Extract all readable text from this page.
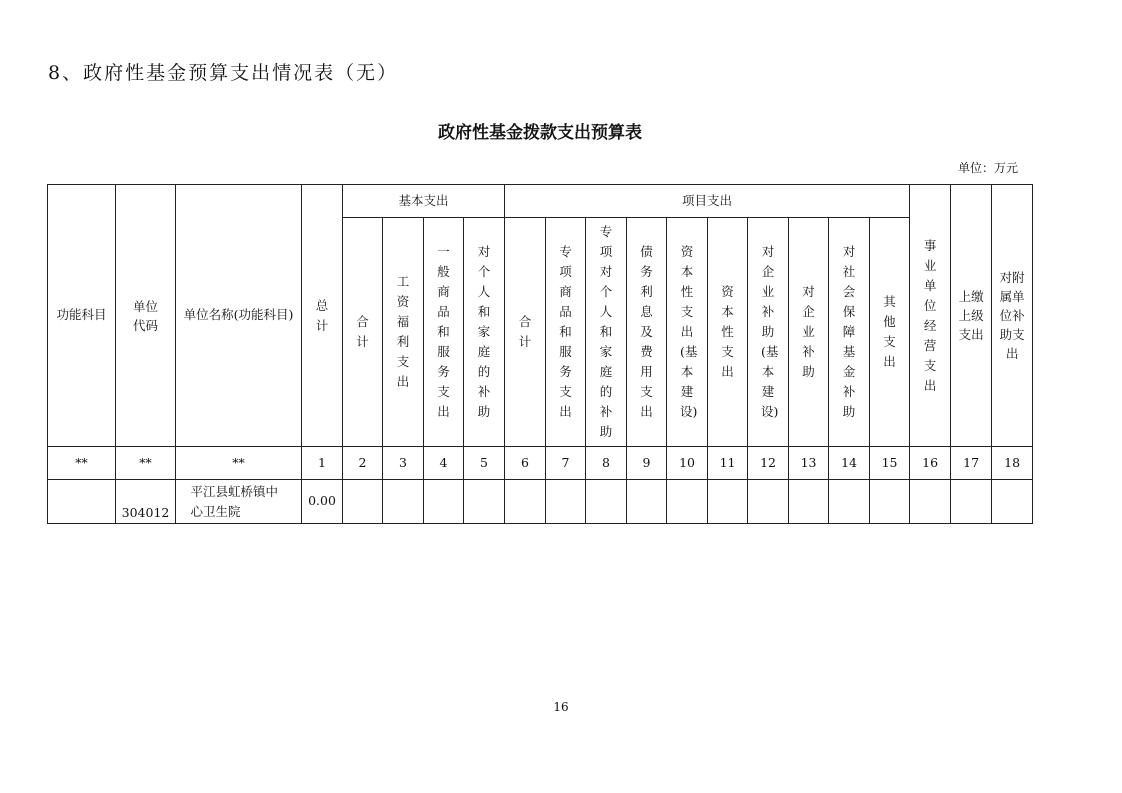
8、政府性基金预算支出情况表（无）
政府性基金拨款支出预算表
单位：万元
功能科目	单位代码	单位名称(功能科目)	总计	基本支出				项目支出										事业单位经营支出	上缴上级支出	对附属单位补助支出
				合计	工资福利支出	一般商品和服务支出	对个人和家庭的补助	合计	专项商品和服务支出	专项对个人和家庭的补助	债务利息及费用支出	资本性支出(基本建设)	资本性支出	对企业补助(基本建设)	对企业补助	对社会保障基金补助	其他支出			
**	**	**	1	2	3	4	5	6	7	8	9	10	11	12	13	14	15	16	17	18
	304012	平江县虹桥镇中心卫生院	0.00																	
16
